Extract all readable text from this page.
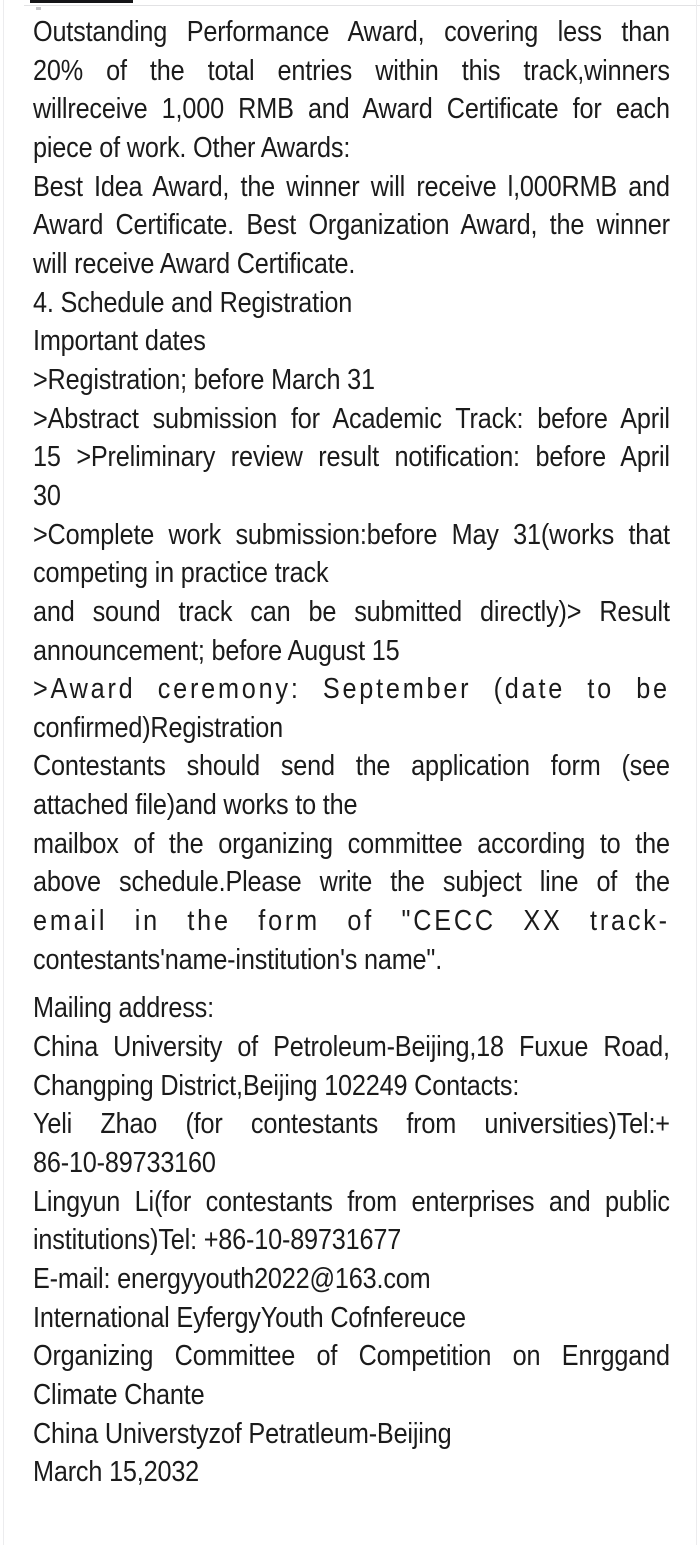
Outstanding Performance Award, covering less than
20% of the total entries within this track,winners
willreceive 1,000 RMB and Award Certificate for each
piece of work. Other Awards:
Best Idea Award, the winner will receive l,000RMB and
Award Certificate. Best Organization Award, the winner
will receive Award Certificate.
4. Schedule and Registration
Important dates
>Registration; before March 31
>Abstract submission for Academic Track: before April
15 >Preliminary review result notification: before April
30
>Complete work submission:before May 31(works that
competing in practice track
and sound track can be submitted directly)> Result
announcement; before August 15
>Award ceremony: September (date to be
confirmed)Registration
Contestants should send the application form (see
attached file)and works to the
mailbox of the organizing committee according to the
above schedule.Please write the subject line of the
email in the form of "CECC XX track-
contestants'name-institution's name".
Mailing address:
China University of Petroleum-Beijing,18 Fuxue Road,
Changping District,Beijing 102249 Contacts:
Yeli Zhao (for contestants from universities)Tel:+
86-10-89733160
Lingyun Li(for contestants from enterprises and public
institutions)Tel: +86-10-89731677
E-mail: energyyouth2022@163.com
International EyfergyYouth Cofnfereuce
Organizing Committee of Competition on Enrggand
Climate Chante
China Universtyzof Petratleum-Beijing
March 15,2032
